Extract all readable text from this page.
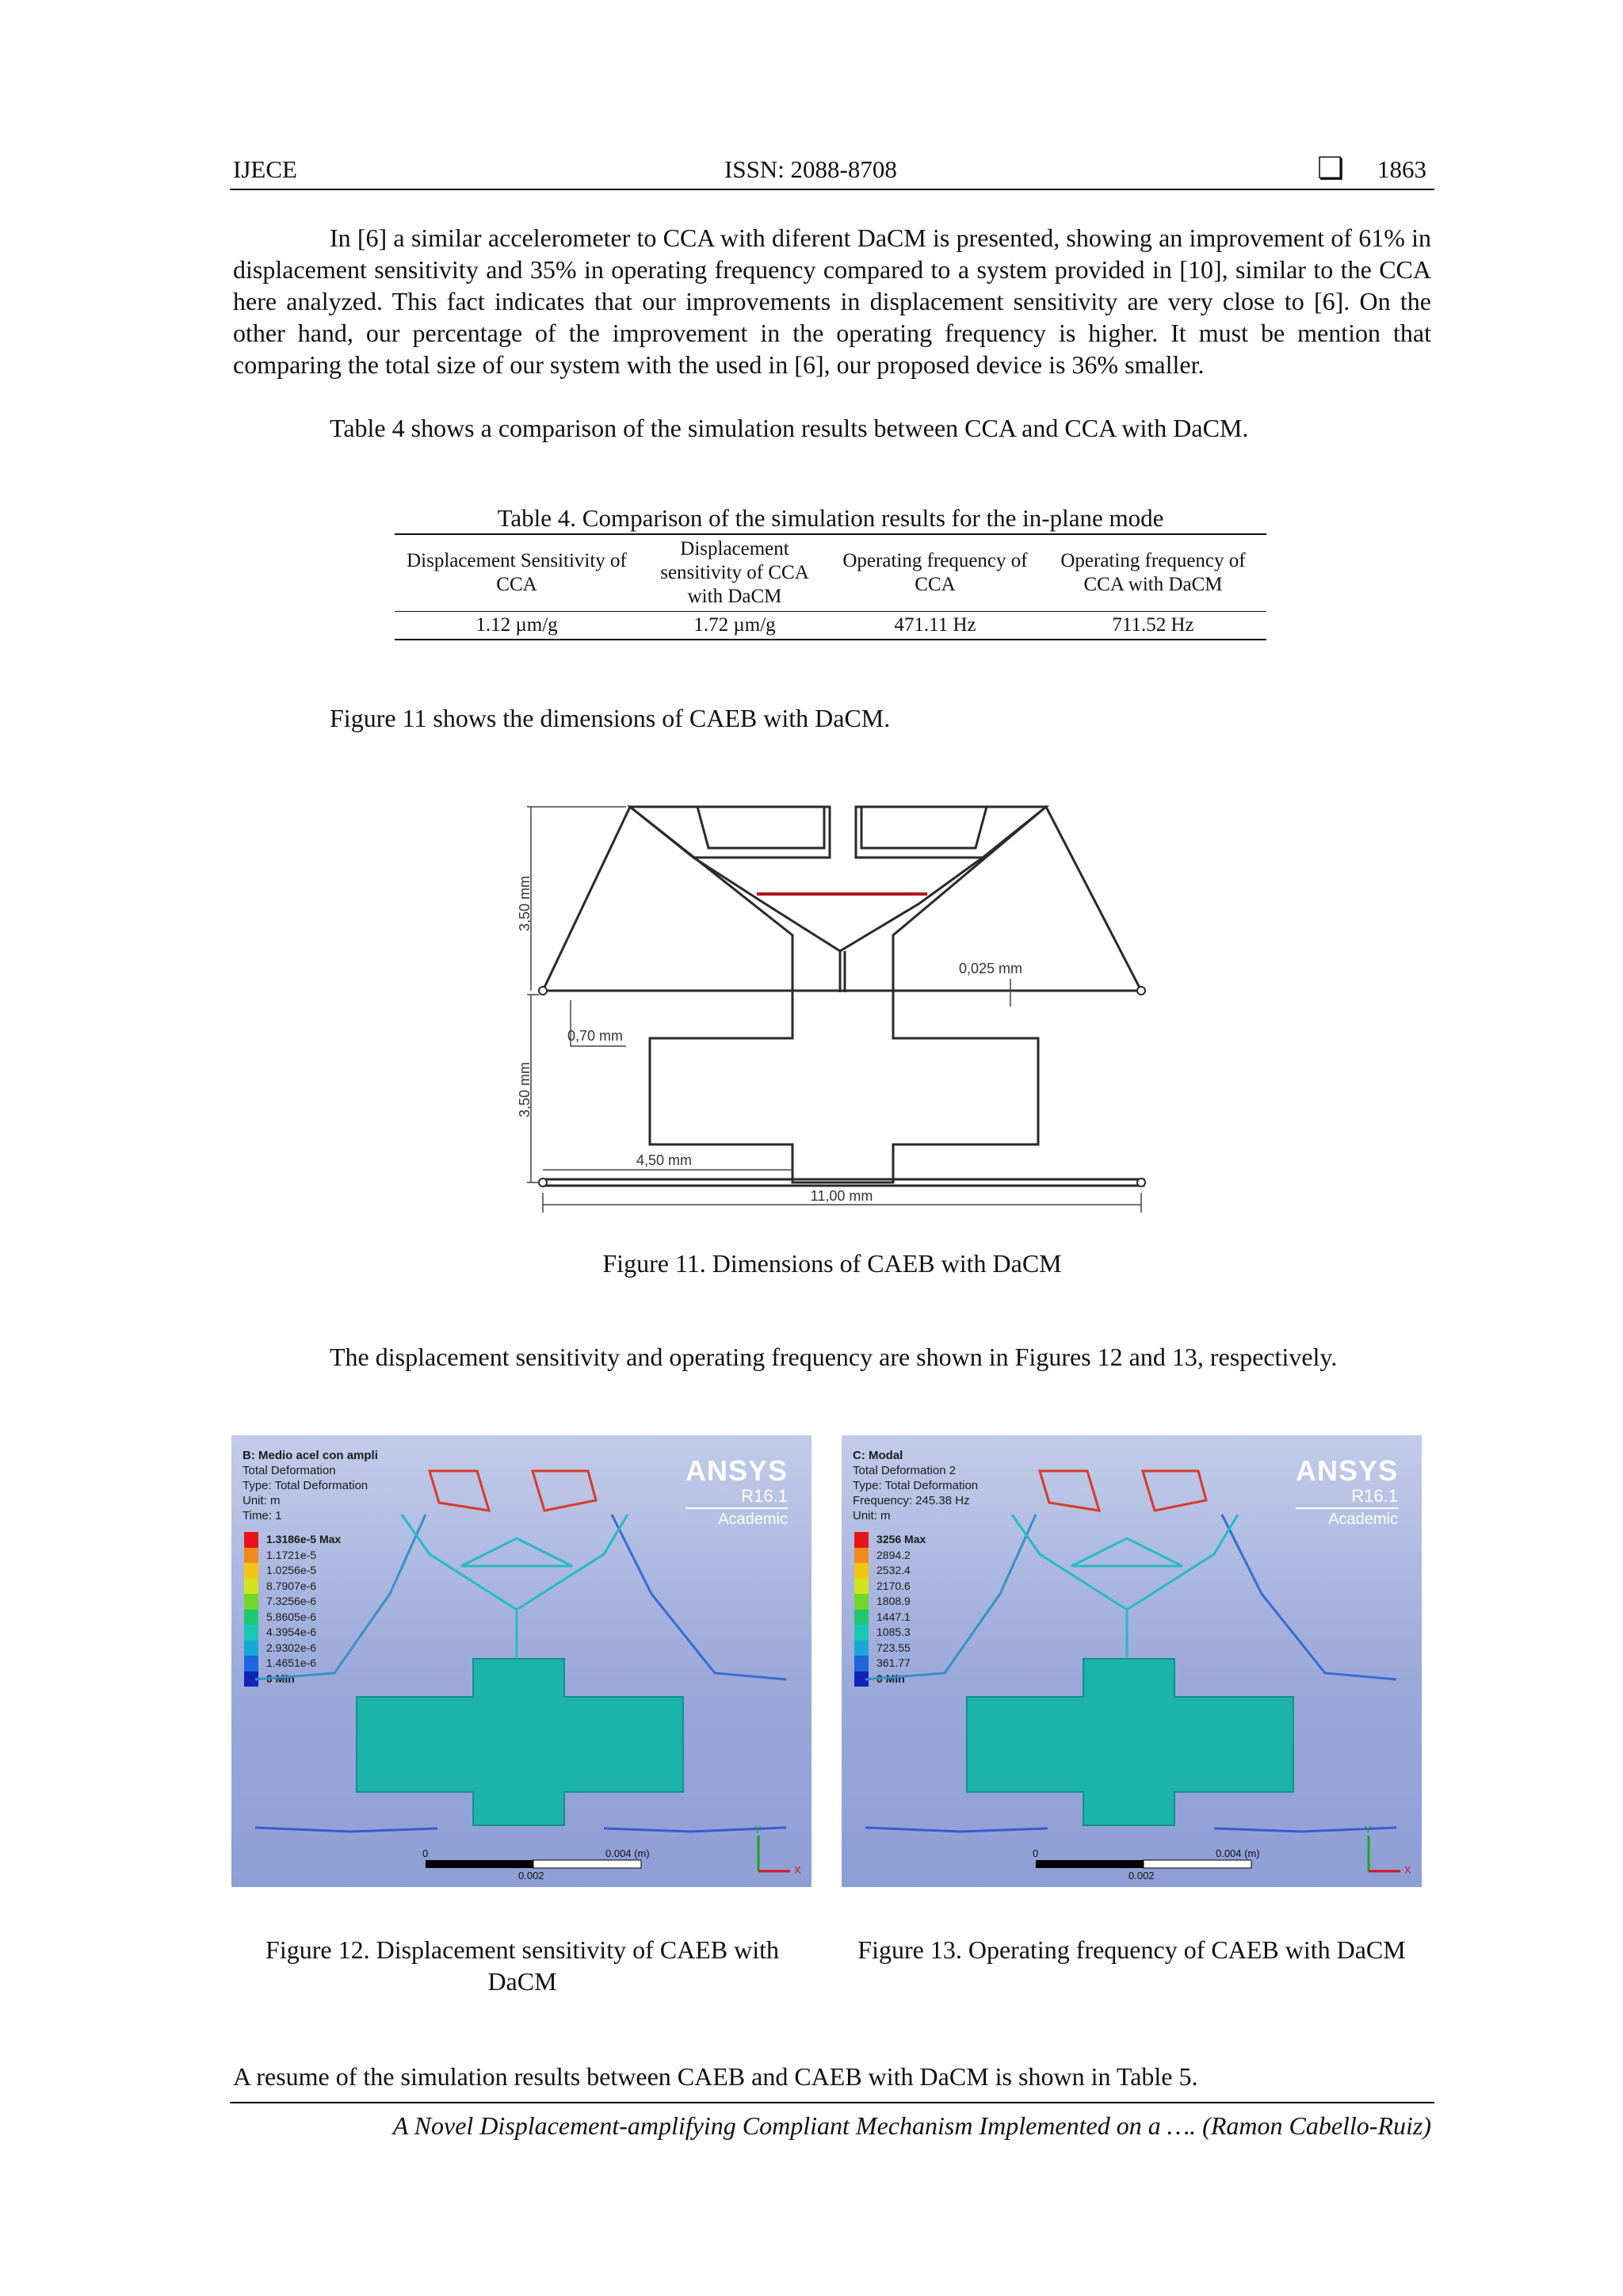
IJECE	ISSN: 2088-8708	❏ 1863
In [6] a similar accelerometer to CCA with diferent DaCM is presented, showing an improvement of 61% in displacement sensitivity and 35% in operating frequency compared to a system provided in [10], similar to the CCA here analyzed. This fact indicates that our improvements in displacement sensitivity are very close to [6]. On the other hand, our percentage of the improvement in the operating frequency is higher. It must be mention that comparing the total size of our system with the used in [6], our proposed device is 36% smaller.
Table 4 shows a comparison of the simulation results between CCA and CCA with DaCM.
Table 4. Comparison of the simulation results for the in-plane mode
Displacement Sensitivity of CCA	Displacement sensitivity of CCA with DaCM	Operating frequency of CCA	Operating frequency of CCA with DaCM
1.12 µm/g	1.72 µm/g	471.11 Hz	711.52 Hz
Figure 11 shows the dimensions of CAEB with DaCM.
3,50 mm
3,50 mm
0,025 mm
0,70 mm
4,50 mm
11,00 mm
Figure 11. Dimensions of CAEB with DaCM
The displacement sensitivity and operating frequency are shown in Figures 12 and 13, respectively.
B: Medio acel con ampli
Total Deformation
Type: Total Deformation
Unit: m
Time: 1
ANSYS
R16.1
Academic
1.3186e-5 Max
1.1721e-5
1.0256e-5
8.7907e-6
7.3256e-6
5.8605e-6
4.3954e-6
2.9302e-6
1.4651e-6
0 Min
0	0.004 (m)
0.002
Y
X
C: Modal
Total Deformation 2
Type: Total Deformation
Frequency: 245.38 Hz
Unit: m
ANSYS
R16.1
Academic
3256 Max
2894.2
2532.4
2170.6
1808.9
1447.1
1085.3
723.55
361.77
0 Min
0	0.004 (m)
0.002
Y
X
Figure 12. Displacement sensitivity of CAEB with DaCM
Figure 13. Operating frequency of CAEB with DaCM
A resume of the simulation results between CAEB and CAEB with DaCM is shown in Table 5.
A Novel Displacement-amplifying Compliant Mechanism Implemented on a …. (Ramon Cabello-Ruiz)
